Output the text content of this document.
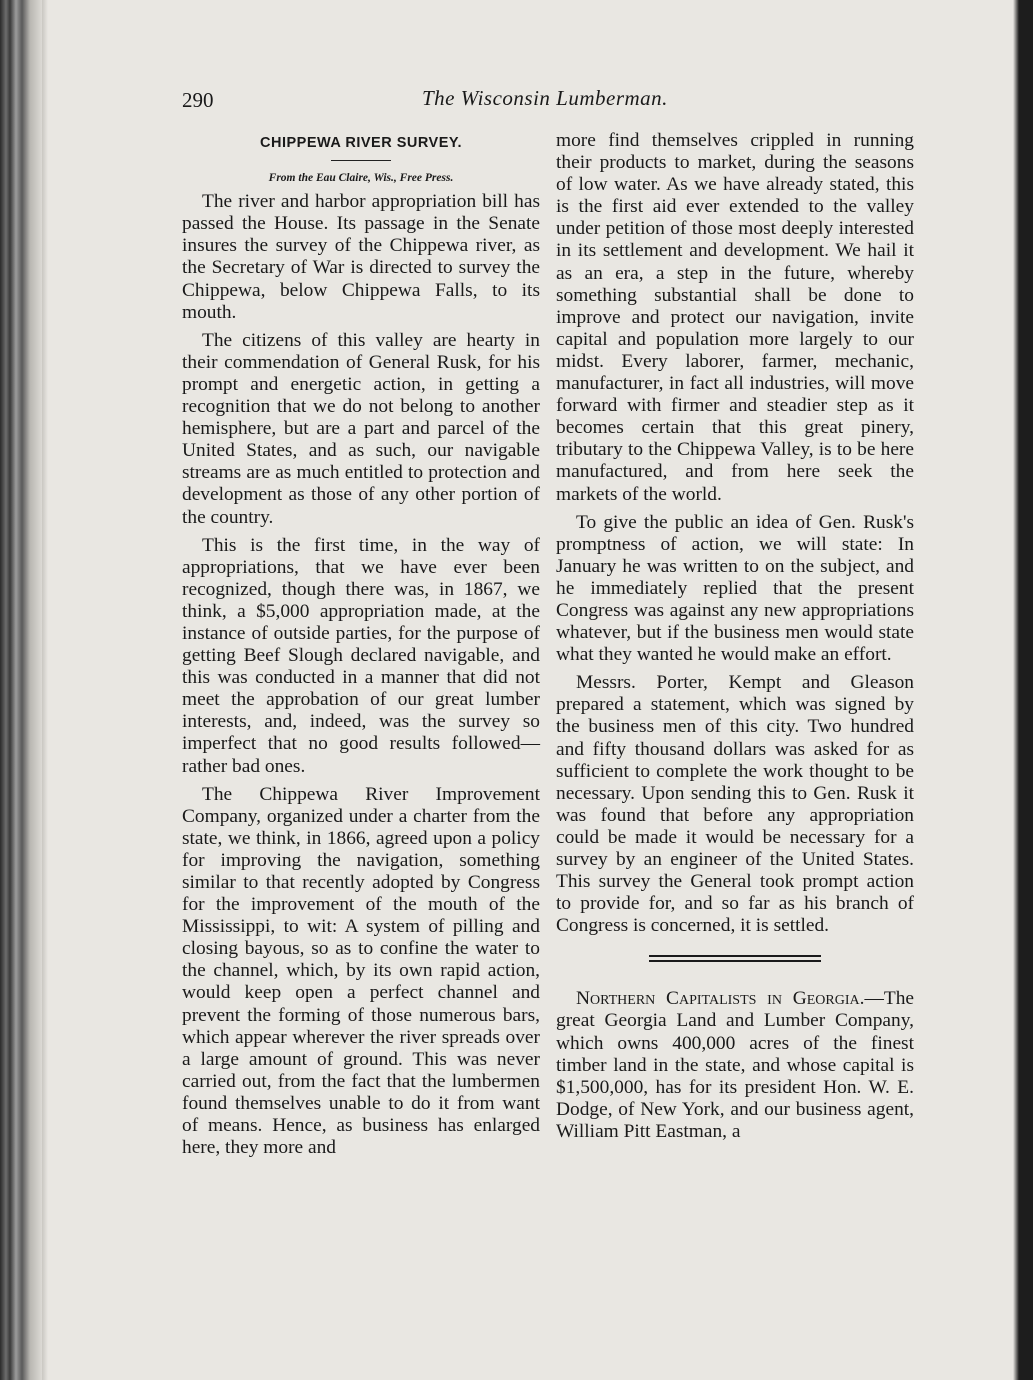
290	The Wisconsin Lumberman.
CHIPPEWA RIVER SURVEY.
From the Eau Claire, Wis., Free Press.

The river and harbor appropriation bill has passed the House. Its passage in the Senate insures the survey of the Chippewa river, as the Secretary of War is directed to survey the Chippewa, below Chippewa Falls, to its mouth.

The citizens of this valley are hearty in their commendation of General Rusk, for his prompt and energetic action, in getting a recognition that we do not belong to another hemisphere, but are a part and parcel of the United States, and as such, our navigable streams are as much entitled to protection and development as those of any other portion of the country.

This is the first time, in the way of appropriations, that we have ever been recognized, though there was, in 1867, we think, a $5,000 appropriation made, at the instance of outside parties, for the purpose of getting Beef Slough declared navigable, and this was conducted in a manner that did not meet the approbation of our great lumber interests, and, indeed, was the survey so imperfect that no good results followed—rather bad ones.

The Chippewa River Improvement Company, organized under a charter from the state, we think, in 1866, agreed upon a policy for improving the navigation, something similar to that recently adopted by Congress for the improvement of the mouth of the Mississippi, to wit: A system of pilling and closing bayous, so as to confine the water to the channel, which, by its own rapid action, would keep open a perfect channel and prevent the forming of those numerous bars, which appear wherever the river spreads over a large amount of ground. This was never carried out, from the fact that the lumbermen found themselves unable to do it from want of means. Hence, as business has enlarged here, they more and

more find themselves crippled in running their products to market, during the seasons of low water. As we have already stated, this is the first aid ever extended to the valley under petition of those most deeply interested in its settlement and development. We hail it as an era, a step in the future, whereby something substantial shall be done to improve and protect our navigation, invite capital and population more largely to our midst. Every laborer, farmer, mechanic, manufacturer, in fact all industries, will move forward with firmer and steadier step as it becomes certain that this great pinery, tributary to the Chippewa Valley, is to be here manufactured, and from here seek the markets of the world.

To give the public an idea of Gen. Rusk's promptness of action, we will state: In January he was written to on the subject, and he immediately replied that the present Congress was against any new appropriations whatever, but if the business men would state what they wanted he would make an effort.

Messrs. Porter, Kempt and Gleason prepared a statement, which was signed by the business men of this city. Two hundred and fifty thousand dollars was asked for as sufficient to complete the work thought to be necessary. Upon sending this to Gen. Rusk it was found that before any appropriation could be made it would be necessary for a survey by an engineer of the United States. This survey the General took prompt action to provide for, and so far as his branch of Congress is concerned, it is settled.

Northern Capitalists in Georgia.—The great Georgia Land and Lumber Company, which owns 400,000 acres of the finest timber land in the state, and whose capital is $1,500,000, has for its president Hon. W. E. Dodge, of New York, and our business agent, William Pitt Eastman, a
